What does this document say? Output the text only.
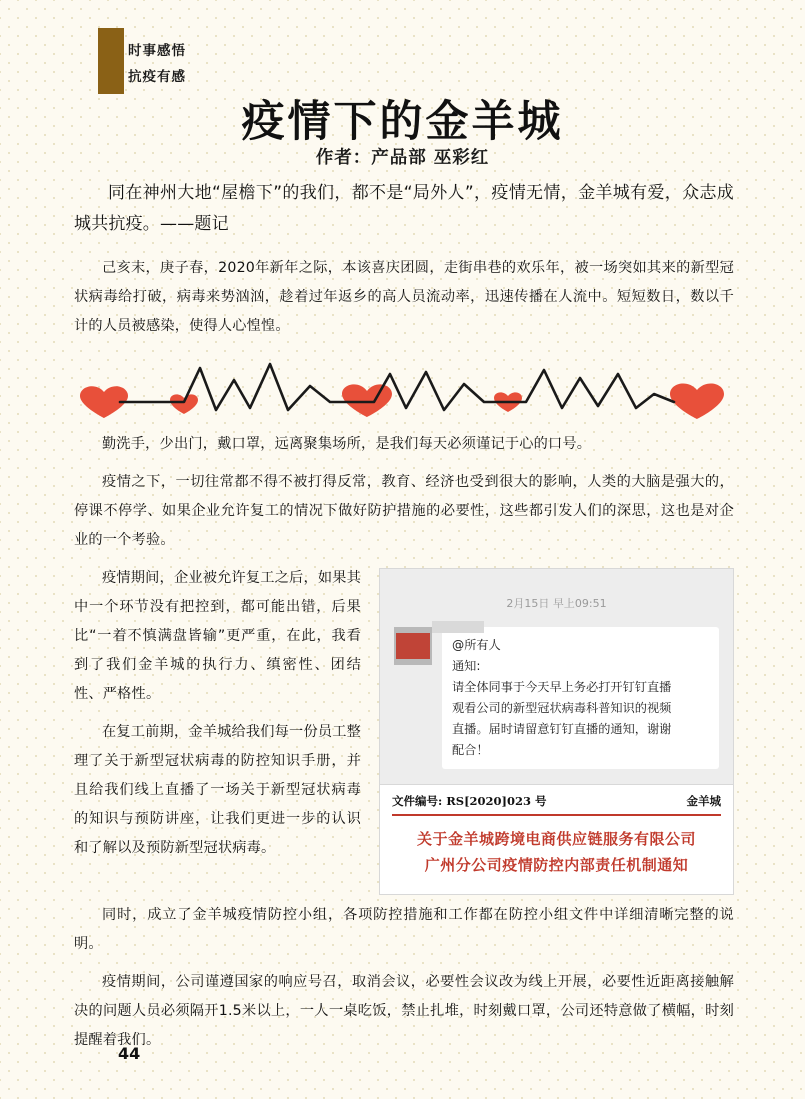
时事感悟
抗疫有感
疫情下的金羊城
作者：产品部 巫彩红

同在神州大地“屋檐下”的我们，都不是“局外人”，疫情无情，金羊城有爱，众志成城共抗疫。——题记

己亥末，庚子春，2020年新年之际，本该喜庆团圆，走街串巷的欢乐年，被一场突如其来的新型冠状病毒给打破，病毒来势汹汹，趁着过年返乡的高人员流动率，迅速传播在人流中。短短数日，数以千计的人员被感染，使得人心惶惶。

勤洗手，少出门，戴口罩，远离聚集场所，是我们每天必须谨记于心的口号。

疫情之下，一切往常都不得不被打得反常，教育、经济也受到很大的影响，人类的大脑是强大的，停课不停学、如果企业允许复工的情况下做好防护措施的必要性，这些都引发人们的深思，这也是对企业的一个考验。

2月15日 早上09:51
@所有人
通知:
请全体同事于今天早上务必打开钉钉直播
观看公司的新型冠状病毒科普知识的视频
直播。届时请留意钉钉直播的通知，谢谢
配合！
文件编号: RS[2020]023 号	金羊城
关于金羊城跨境电商供应链服务有限公司
广州分公司疫情防控内部责任机制通知

疫情期间，企业被允许复工之后，如果其中一个环节没有把控到，都可能出错，后果比“一着不慎满盘皆输”更严重，在此，我看到了我们金羊城的执行力、缜密性、团结性、严格性。

在复工前期，金羊城给我们每一份员工整理了关于新型冠状病毒的防控知识手册，并且给我们线上直播了一场关于新型冠状病毒的知识与预防讲座，让我们更进一步的认识和了解以及预防新型冠状病毒。

同时，成立了金羊城疫情防控小组，各项防控措施和工作都在防控小组文件中详细清晰完整的说明。

疫情期间，公司谨遵国家的响应号召，取消会议，必要性会议改为线上开展，必要性近距离接触解决的问题人员必须隔开1.5米以上，一人一桌吃饭，禁止扎堆，时刻戴口罩，公司还特意做了横幅，时刻提醒着我们。

44
